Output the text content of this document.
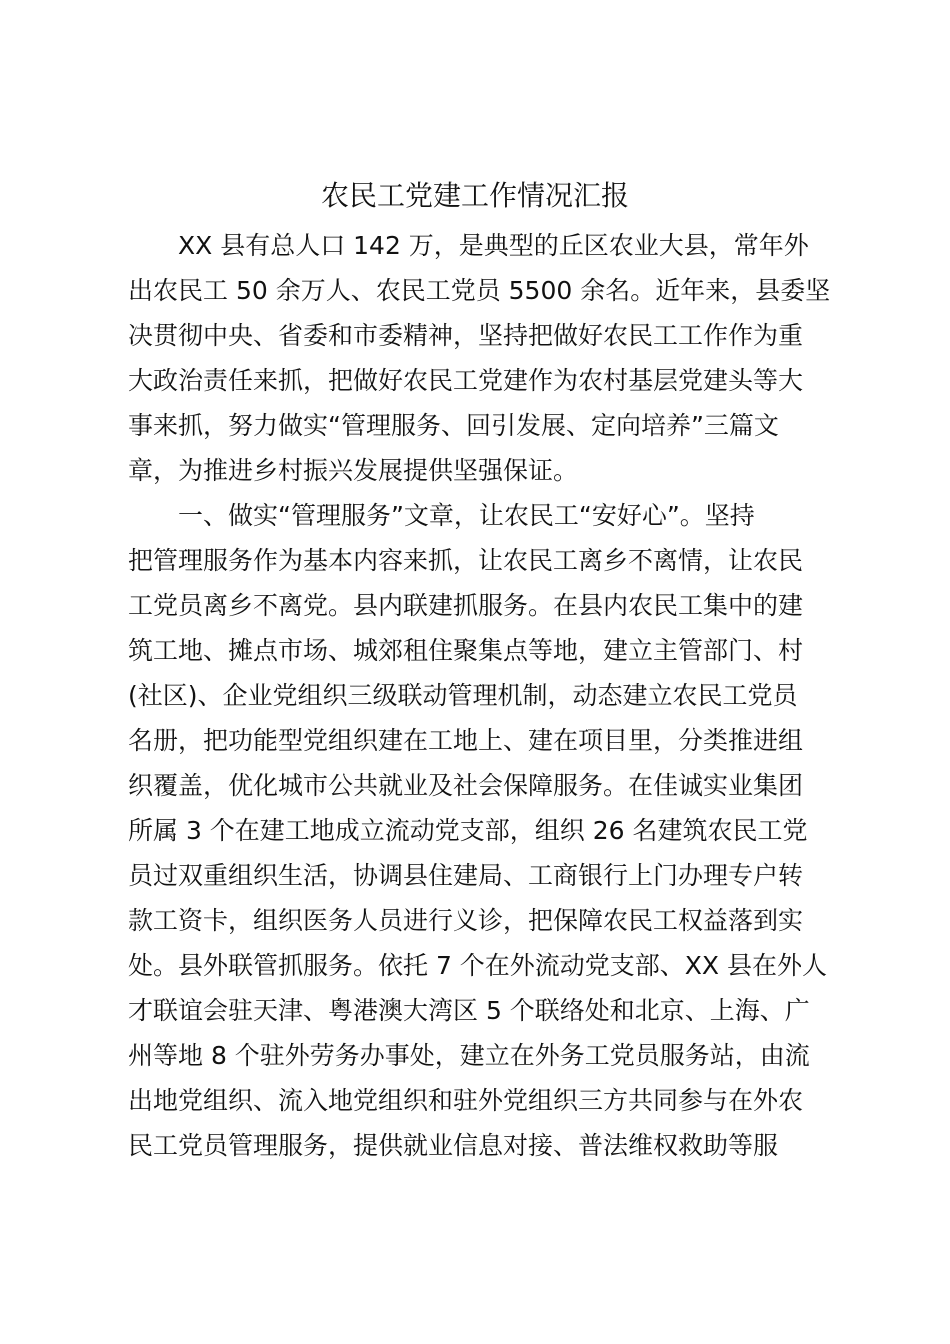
农民工党建工作情况汇报
XX 县有总人口 142 万，是典型的丘区农业大县，常年外
出农民工 50 余万人、农民工党员 5500 余名。近年来，县委坚
决贯彻中央、省委和市委精神，坚持把做好农民工工作作为重
大政治责任来抓，把做好农民工党建作为农村基层党建头等大
事来抓，努力做实“管理服务、回引发展、定向培养”三篇文
章，为推进乡村振兴发展提供坚强保证。
一、做实“管理服务”文章，让农民工“安好心”。坚持
把管理服务作为基本内容来抓，让农民工离乡不离情，让农民
工党员离乡不离党。县内联建抓服务。在县内农民工集中的建
筑工地、摊点市场、城郊租住聚集点等地，建立主管部门、村
(社区)、企业党组织三级联动管理机制，动态建立农民工党员
名册，把功能型党组织建在工地上、建在项目里，分类推进组
织覆盖，优化城市公共就业及社会保障服务。在佳诚实业集团
所属 3 个在建工地成立流动党支部，组织 26 名建筑农民工党
员过双重组织生活，协调县住建局、工商银行上门办理专户转
款工资卡，组织医务人员进行义诊，把保障农民工权益落到实
处。县外联管抓服务。依托 7 个在外流动党支部、XX 县在外人
才联谊会驻天津、粤港澳大湾区 5 个联络处和北京、上海、广
州等地 8 个驻外劳务办事处，建立在外务工党员服务站，由流
出地党组织、流入地党组织和驻外党组织三方共同参与在外农
民工党员管理服务，提供就业信息对接、普法维权救助等服
